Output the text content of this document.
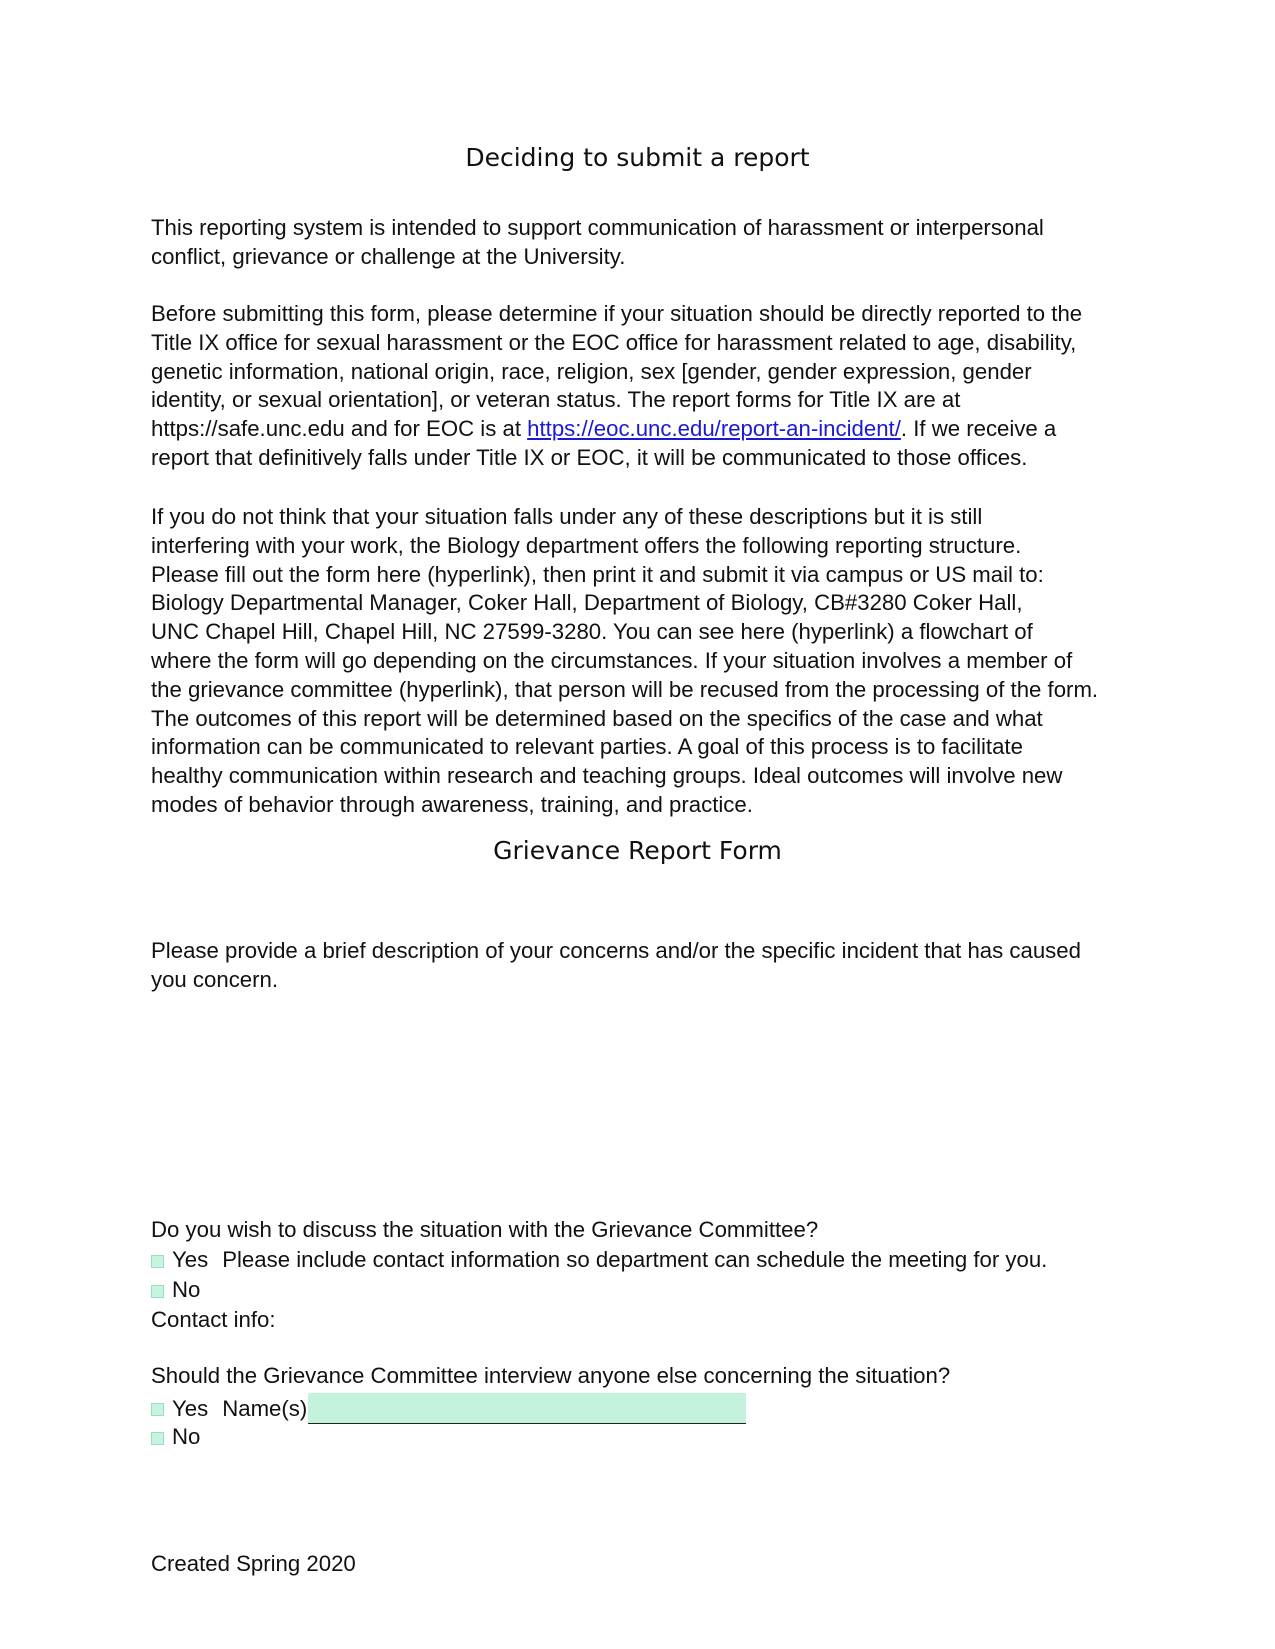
Deciding to submit a report

This reporting system is intended to support communication of harassment or interpersonal
conflict, grievance or challenge at the University.

Before submitting this form, please determine if your situation should be directly reported to the
Title IX office for sexual harassment or the EOC office for harassment related to age, disability,
genetic information, national origin, race, religion, sex [gender, gender expression, gender
identity, or sexual orientation], or veteran status. The report forms for Title IX are at
https://safe.unc.edu and for EOC is at https://eoc.unc.edu/report-an-incident/. If we receive a
report that definitively falls under Title IX or EOC, it will be communicated to those offices.

If you do not think that your situation falls under any of these descriptions but it is still
interfering with your work, the Biology department offers the following reporting structure.
Please fill out the form here (hyperlink), then print it and submit it via campus or US mail to:
Biology Departmental Manager, Coker Hall, Department of Biology, CB#3280 Coker Hall,
UNC Chapel Hill, Chapel Hill, NC 27599-3280. You can see here (hyperlink) a flowchart of
where the form will go depending on the circumstances. If your situation involves a member of
the grievance committee (hyperlink), that person will be recused from the processing of the form.
The outcomes of this report will be determined based on the specifics of the case and what
information can be communicated to relevant parties. A goal of this process is to facilitate
healthy communication within research and teaching groups. Ideal outcomes will involve new
modes of behavior through awareness, training, and practice.

Grievance Report Form

Please provide a brief description of your concerns and/or the specific incident that has caused
you concern.

Do you wish to discuss the situation with the Grievance Committee?
Yes Please include contact information so department can schedule the meeting for you.
No
Contact info:
Should the Grievance Committee interview anyone else concerning the situation?
Yes Name(s)
No
Created Spring 2020
